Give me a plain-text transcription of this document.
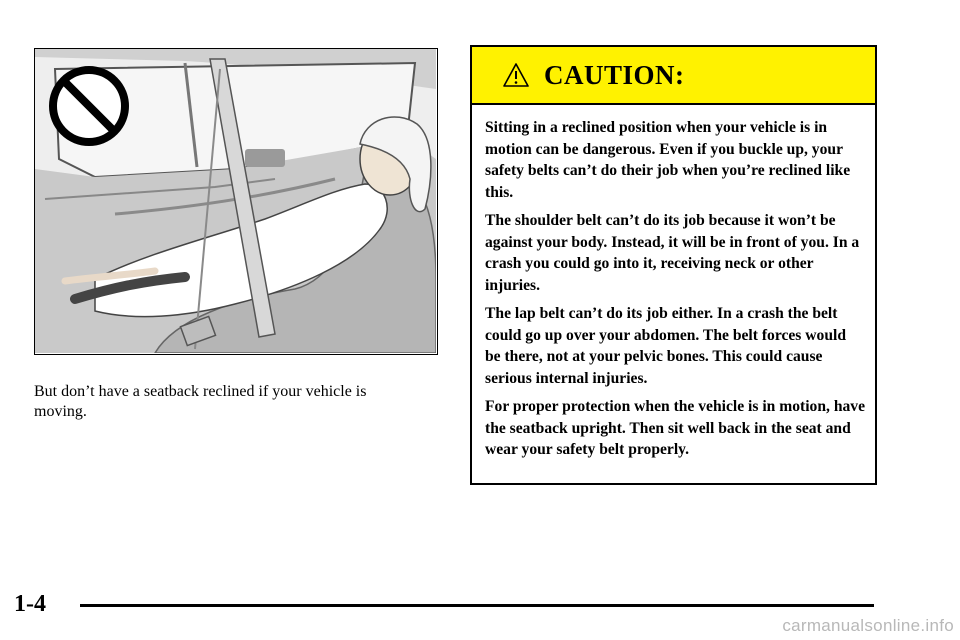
But don’t have a seatback reclined if your vehicle is moving.
CAUTION:

Sitting in a reclined position when your vehicle is in motion can be dangerous. Even if you buckle up, your safety belts can’t do their job when you’re reclined like this.

The shoulder belt can’t do its job because it won’t be against your body. Instead, it will be in front of you. In a crash you could go into it, receiving neck or other injuries.

The lap belt can’t do its job either. In a crash the belt could go up over your abdomen. The belt forces would be there, not at your pelvic bones. This could cause serious internal injuries.

For proper protection when the vehicle is in motion, have the seatback upright. Then sit well back in the seat and wear your safety belt properly.

1-4
carmanualsonline.info
